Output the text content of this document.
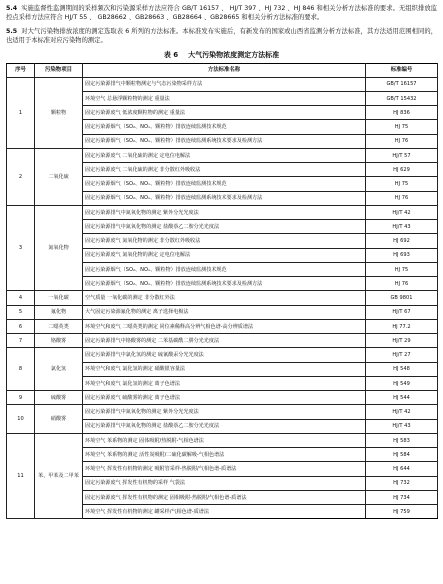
5.4 实施监督性监测期间的采样频次和污染源采样方法应符合 GB/T 16157 、 HJ/T 397 、HJ 732 、HJ 846 和相关分析方法标准的要求。无组织排放监控点采样方法应符合 HJ/T 55 、 GB28662 、GB28663 、GB28664 、GB28665 和相关分析方法标准的要求。

5.5 对大气污染物排放浓度的测定选取表 6 所列的方法标准。本标准发布实施后，有新发布的国家或山西省监测分析方法标准，其方法适用范围相同的，也适用于本标准对应污染物的测定。

表 6 大气污染物浓度测定方法标准
序号	污染物项目	方法标准名称	标准编号
1	颗粒物	固定污染源排气中颗粒物测定与气态污染物采样方法	GB/T 16157
		环境空气 总悬浮颗粒物的测定 重量法	GB/T 15432
		固定污染源废气 低浓度颗粒物的测定 重量法	HJ 836
		固定污染源烟气（SO₂、NOₓ、颗粒物）排放连续监测技术规范	HJ 75
		固定污染源烟气（SO₂、NOₓ、颗粒物）排放连续监测系统技术要求及检测方法	HJ 76
2	二氧化硫	固定污染源废气 二氧化硫的测定 定电位电解法	HJ/T 57
		固定污染源废气 二氧化硫的测定 非分散红外吸收法	HJ 629
		固定污染源烟气（SO₂、NOₓ、颗粒物）排放连续监测技术规范	HJ 75
		固定污染源烟气（SO₂、NOₓ、颗粒物）排放连续监测系统技术要求及检测方法	HJ 76
3	氮氧化物	固定污染源排气中氮氧化物的测定 紫外分光光度法	HJ/T 42
		固定污染源排气中氮氧化物的测定 盐酸萘乙二胺分光光度法	HJ/T 43
		固定污染源废气 氮氧化物的测定 非分散红外吸收法	HJ 692
		固定污染源废气 氮氧化物的测定 定电位电解法	HJ 693
		固定污染源烟气（SO₂、NOₓ、颗粒物）排放连续监测技术规范	HJ 75
		固定污染源烟气（SO₂、NOₓ、颗粒物）排放连续监测系统技术要求及检测方法	HJ 76
4	一氧化碳	空气质量 一氧化碳的测定 非分散红外法	GB 9801
5	氟化物	大气固定污染源氟化物的测定 离子选择电极法	HJ/T 67
6	二噁英类	环境空气和废气 二噁英类的测定 同位素稀释高分辨气相色谱-高分辨质谱法	HJ 77.2
7	铬酸雾	固定污染源排气中铬酸雾的测定 二苯基碳酰二肼分光光度法	HJ/T 29
8	氯化氢	固定污染源排气中氯化氢的测定 硫氰酸汞分光光度法	HJ/T 27
		环境空气和废气 氯化氢的测定 硝酸银容量法	HJ 548
		环境空气和废气 氯化氢的测定 离子色谱法	HJ 549
9	硫酸雾	固定污染源废气 硫酸雾的测定 离子色谱法	HJ 544
10	硝酸雾	固定污染源排气中氮氧化物的测定 紫外分光光度法	HJ/T 42
		固定污染源排气中氮氧化物的测定 盐酸萘乙二胺分光光度法	HJ/T 43
11	苯、甲苯及二甲苯	环境空气 苯系物的测定 固体吸附/热脱附-气相色谱法	HJ 583
		环境空气 苯系物的测定 活性炭吸附/二硫化碳解吸-气相色谱法	HJ 584
		环境空气 挥发性有机物的测定 吸附管采样-热脱附/气相色谱-质谱法	HJ 644
		固定污染源废气 挥发性有机物的采样 气袋法	HJ 732
		固定污染源废气 挥发性有机物的测定 固相吸附-热脱附/气相色谱-质谱法	HJ 734
		环境空气 挥发性有机物的测定 罐采样/气相色谱-质谱法	HJ 759
